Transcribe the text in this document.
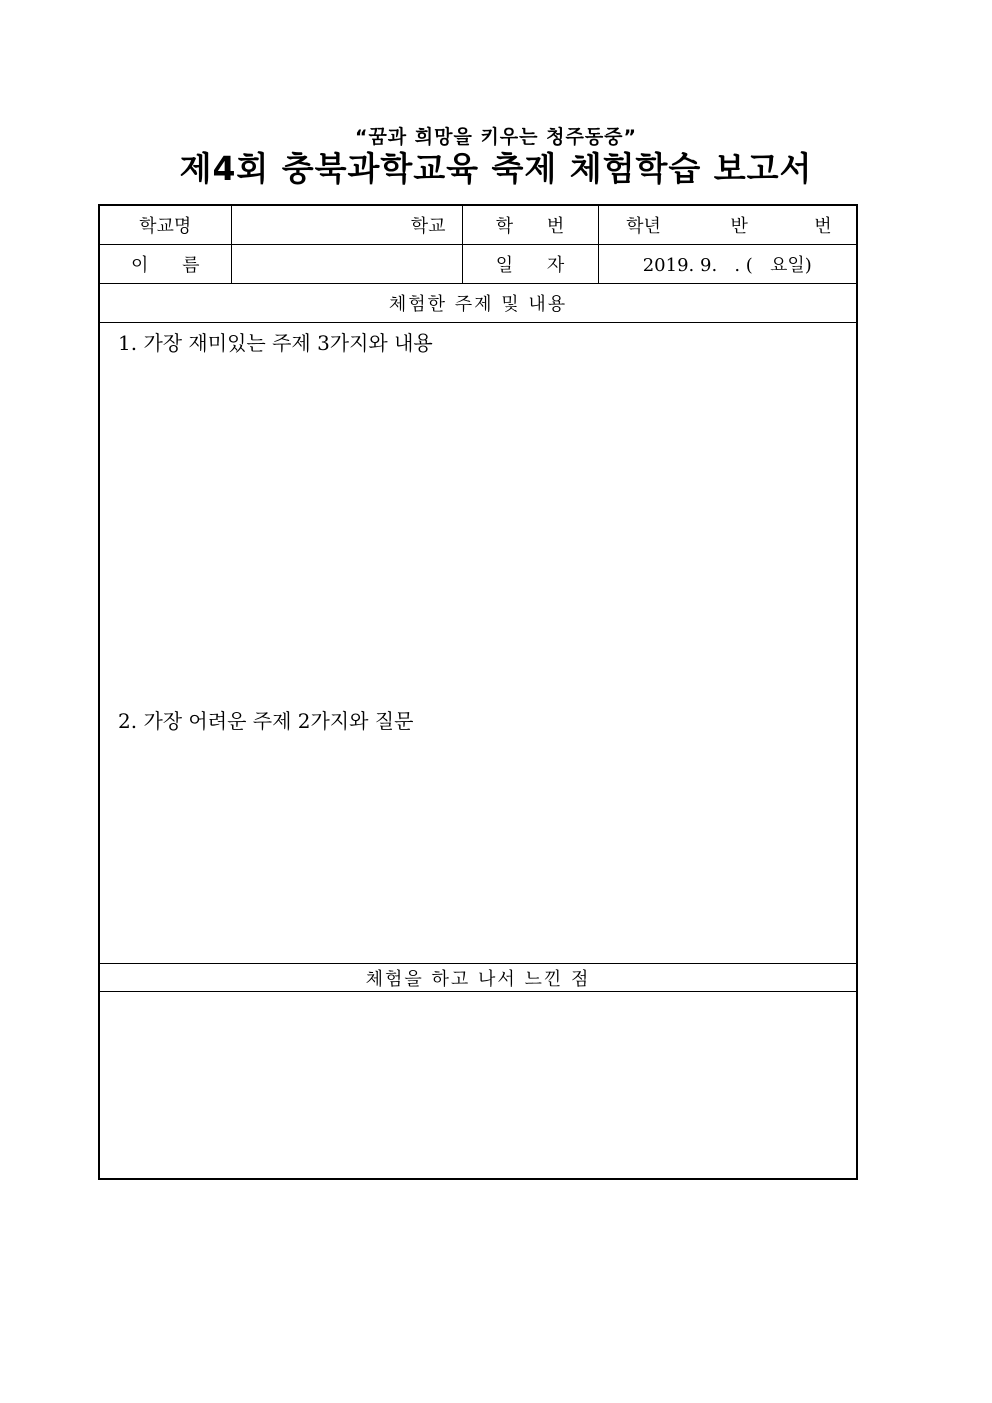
“꿈과 희망을 키우는 청주동중”
제4회 충북과학교육 축제 체험학습 보고서
학교명	학교	학 번	학년 반 번
이 름		일 자	2019. 9.   . (   요일)
체험한 주제 및 내용			

1. 가장 재미있는 주제 3가지와 내용
2. 가장 어려운 주제 2가지와 질문			

체험을 하고 나서 느낀 점			
